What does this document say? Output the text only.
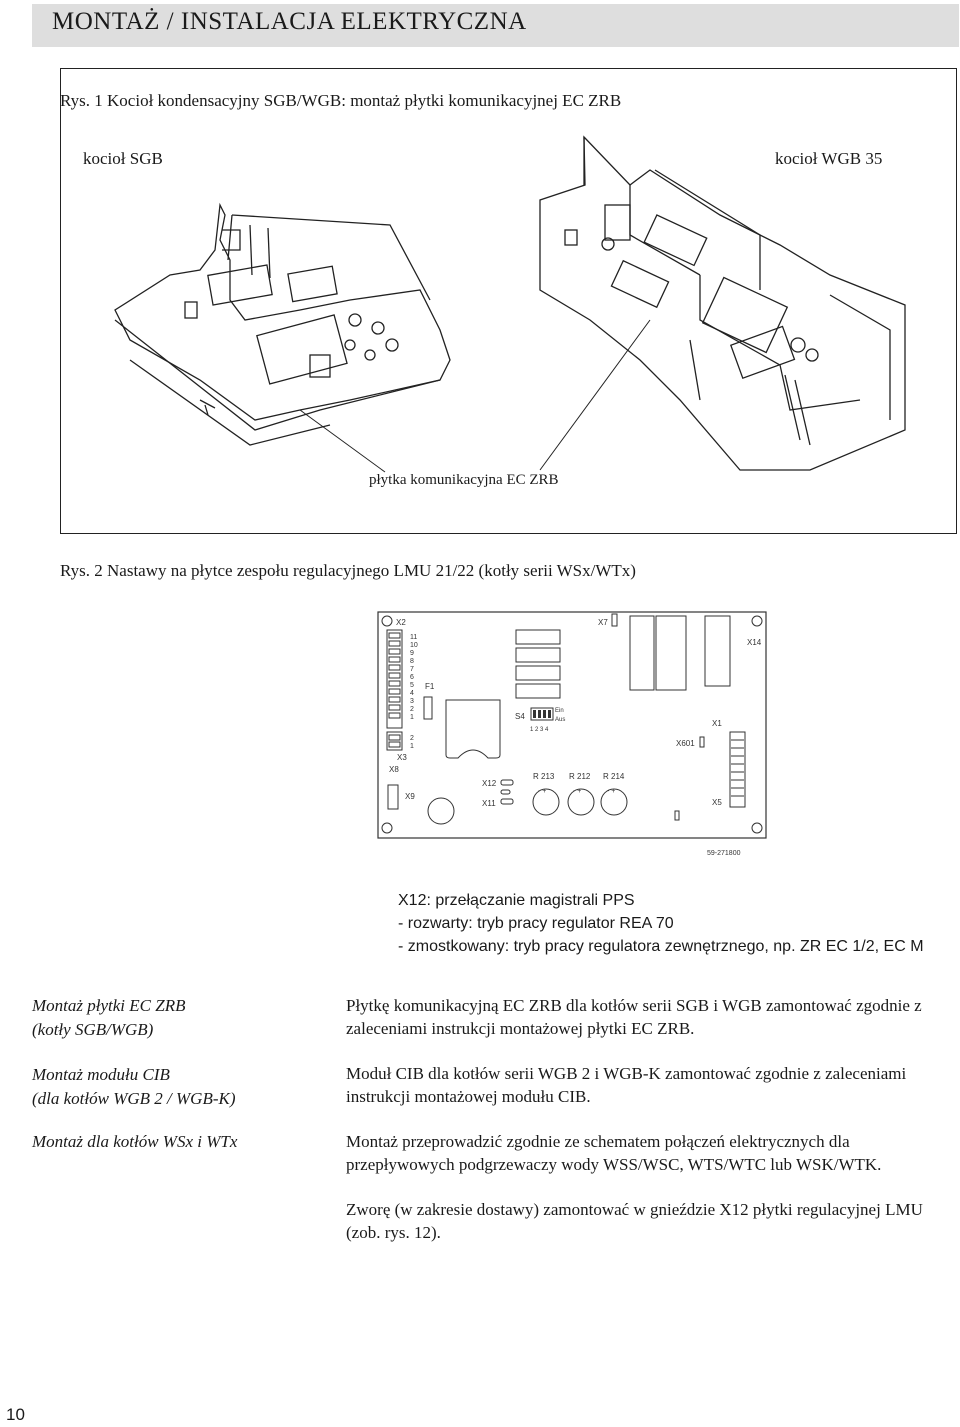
MONTAŻ / INSTALACJA ELEKTRYCZNA
Rys. 1 Kocioł kondensacyjny SGB/WGB: montaż płytki komunikacyjnej EC ZRB
kocioł SGB	kocioł WGB 35
płytka komunikacyjna EC ZRB
X2	X7
X14
X1
X601
X3
X8
X9
X12
X11	X5
S4
Ein
Aus
1 2 3 4
F1
R 213 R 212 R 214
- +	- +	- +
59-271800
11
10
9
8
7
6
5
4
3
2
1
2
1
Rys. 2 Nastawy na płytce zespołu regulacyjnego LMU 21/22 (kotły serii WSx/WTx)
X12: przełączanie magistrali PPS
- rozwarty: tryb pracy regulator REA 70
- zmostkowany: tryb pracy regulatora zewnętrznego, np. ZR EC 1/2, EC M
Montaż płytki EC ZRB
(kotły SGB/WGB)
Montaż modułu CIB
(dla kotłów WGB 2 / WGB-K)
Montaż dla kotłów WSx i WTx
Płytkę komunikacyjną EC ZRB dla kotłów serii SGB i WGB zamontować zgodnie z zaleceniami instrukcji montażowej płytki EC ZRB.
Moduł CIB dla kotłów serii WGB 2 i WGB-K zamontować zgodnie z zaleceniami instrukcji montażowej modułu CIB.
Montaż przeprowadzić zgodnie ze schematem połączeń elektrycznych dla przepływowych podgrzewaczy wody WSS/WSC, WTS/WTC lub WSK/WTK.
Zworę (w zakresie dostawy) zamontować w gnieździe X12 płytki regulacyjnej LMU (zob. rys. 12).
10
